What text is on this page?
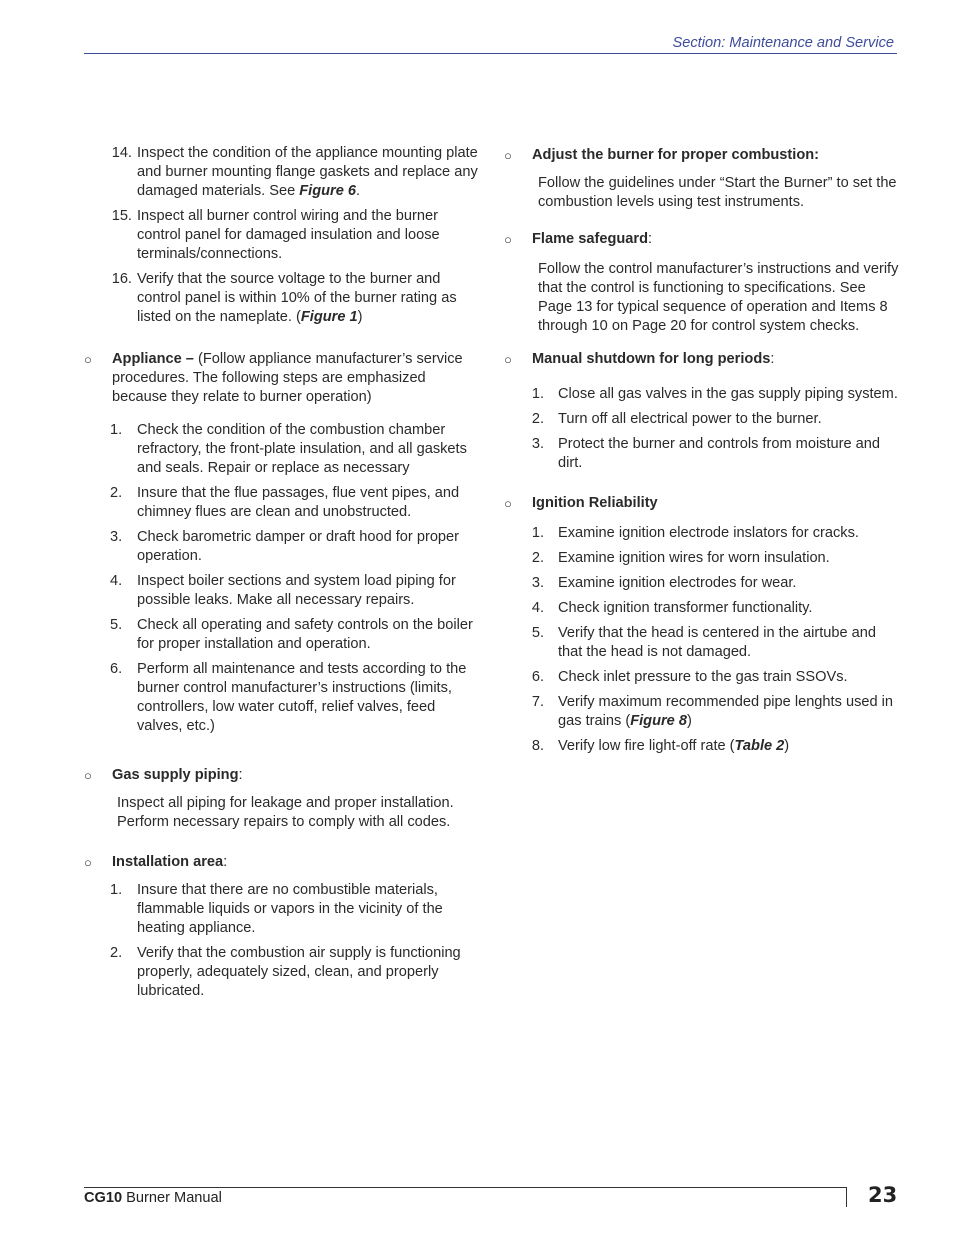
Section: Maintenance and Service
14. Inspect the condition of the appliance mounting plate and burner mounting flange gaskets and replace any damaged materials. See Figure 6.
15. Inspect all burner control wiring and the burner control panel for damaged insulation and loose terminals/connections.
16. Verify that the source voltage to the burner and control panel is within 10% of the burner rating as listed on the nameplate. (Figure 1)
○ Appliance – (Follow appliance manufacturer’s service procedures. The following steps are emphasized because they relate to burner operation)
1.	Check the condition of the combustion chamber refractory, the front-plate insulation, and all gaskets and seals. Repair or replace as necessary
2.	Insure that the flue passages, flue vent pipes, and chimney flues are clean and unobstructed.
3.	Check barometric damper or draft hood for proper operation.
4.	Inspect boiler sections and system load piping for possible leaks. Make all necessary repairs.
5.	Check all operating and safety controls on the boiler for proper installation and operation.
6.	Perform all maintenance and tests according to the burner control manufacturer’s instructions (limits, controllers, low water cutoff, relief valves, feed valves, etc.)
○ Gas supply piping:
Inspect all piping for leakage and proper installation. Perform necessary repairs to comply with all codes.
○ Installation area:
1.	Insure that there are no combustible materials, flammable liquids or vapors in the vicinity of the heating appliance.
2.	Verify that the combustion air supply is functioning properly, adequately sized, clean, and properly lubricated.
○ Adjust the burner for proper combustion:
Follow the guidelines under “Start the Burner” to set the combustion levels using test instruments.
○ Flame safeguard:
Follow the control manufacturer’s instructions and verify that the control is functioning to specifications. See Page 13 for typical sequence of operation and Items 8 through 10 on Page 20 for control system checks.
○ Manual shutdown for long periods:
1. Close all gas valves in the gas supply piping system.
2. Turn off all electrical power to the burner.
3. Protect the burner and controls from moisture and dirt.
○ Ignition Reliability
1. Examine ignition electrode inslators for cracks.
2. Examine ignition wires for worn insulation.
3. Examine ignition electrodes for wear.
4. Check ignition transformer functionality.
5. Verify that the head is centered in the airtube and that the head is not damaged.
6. Check inlet pressure to the gas train SSOVs.
7. Verify maximum recommended pipe lenghts used in gas trains (Figure 8)
8. Verify low fire light-off rate (Table 2)
CG10 Burner Manual	23
